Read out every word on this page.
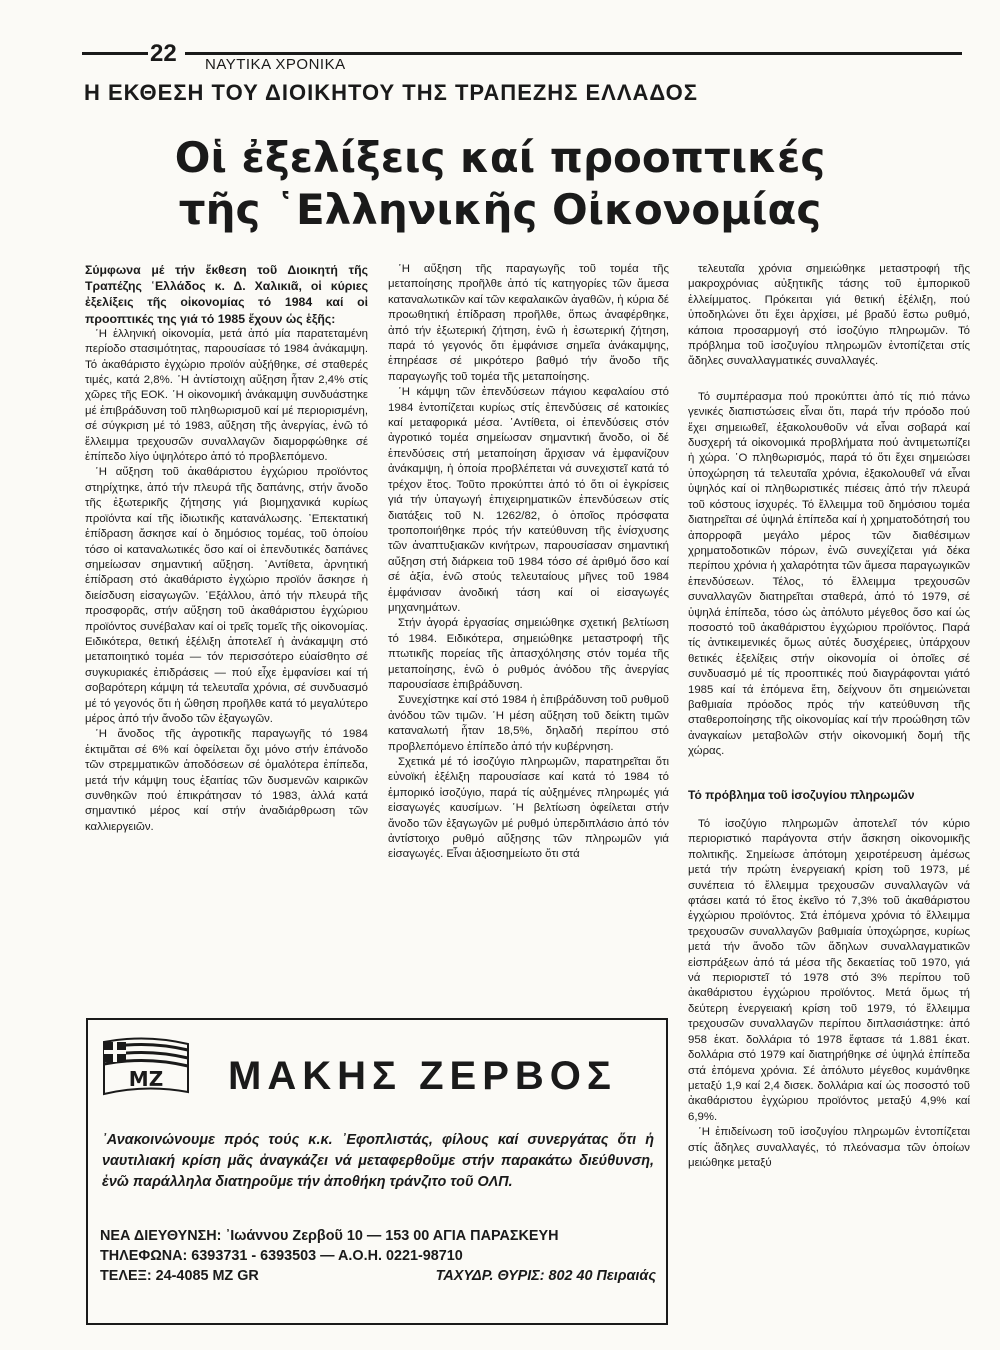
22	ΝΑΥΤΙΚΑ ΧΡΟΝΙΚΑ
Η ΕΚΘΕΣΗ ΤΟΥ ΔΙΟΙΚΗΤΟΥ ΤΗΣ ΤΡΑΠΕΖΗΣ ΕΛΛΑΔΟΣ
Οἱ ἐξελίξεις καί προοπτικές
τῆς ῾Ελληνικῆς Οἰκονομίας

Σύμφωνα μέ τήν ἔκθεση τοῦ Διοικητή τῆς Τραπέζης ῾Ελλάδος κ. Δ. Χαλικιᾶ, οἱ κύριες ἐξελίξεις τῆς οἰκονομίας τό 1984 καί οἱ προοπτικές της γιά τό 1985 ἔχουν ὡς ἑξῆς:

῾Η ἑλληνική οἰκονομία, μετά ἀπό μία παρατεταμένη περίοδο στασιμότητας, παρουσίασε τό 1984 ἀνάκαμψη. Τό ἀκαθάριστο ἐγχώριο προϊόν αὐξήθηκε, σέ σταθερές τιμές, κατά 2,8%. ῾Η ἀντίστοιχη αὔξηση ἦταν 2,4% στίς χῶρες τῆς ΕΟΚ. ῾Η οἰκονομική ἀνάκαμψη συνδυάστηκε μέ ἐπιβράδυνση τοῦ πληθωρισμοῦ καί μέ περιορισμένη, σέ σύγκριση μέ τό 1983, αὔξηση τῆς ἀνεργίας, ἐνῶ τό ἔλλειμμα τρεχουσῶν συναλλαγῶν διαμορφώθηκε σέ ἐπίπεδο λίγο ὑψηλότερο ἀπό τό προβλεπόμενο.

῾Η αὔξηση τοῦ ἀκαθάριστου ἐγχώριου προϊόντος στηρίχτηκε, ἀπό τήν πλευρά τῆς δαπάνης, στήν ἄνοδο τῆς ἐξωτερικῆς ζήτησης γιά βιομηχανικά κυρίως προϊόντα καί τῆς ἰδιωτικῆς κατανάλωσης. ᾿Επεκτατική ἐπίδραση ἄσκησε καί ὁ δημόσιος τομέας, τοῦ ὁποίου τόσο οἱ καταναλωτικές ὅσο καί οἱ ἐπενδυτικές δαπάνες σημείωσαν σημαντική αὔξηση. ᾿Αντίθετα, ἀρνητική ἐπίδραση στό ἀκαθάριστο ἐγχώριο προϊόν ἄσκησε ἡ διείσδυση εἰσαγωγῶν. ᾿Εξάλλου, ἀπό τήν πλευρά τῆς προσφορᾶς, στήν αὔξηση τοῦ ἀκαθάριστου ἐγχώριου προϊόντος συνέβαλαν καί οἱ τρεῖς τομεῖς τῆς οἰκονομίας. Ειδικότερα, θετική ἐξέλιξη ἀποτελεῖ ἡ ἀνάκαμψη στό μεταποιητικό τομέα — τόν περισσότερο εὐαίσθητο σέ συγκυριακές ἐπιδράσεις — πού εἶχε ἐμφανίσει καί τή σοβαρότερη κάμψη τά τελευταῖα χρόνια, σέ συνδυασμό μέ τό γεγονός ὅτι ἡ ὤθηση προῆλθε κατά τό μεγαλύτερο μέρος ἀπό τήν ἄνοδο τῶν ἐξαγωγῶν.

῾Η ἄνοδος τῆς ἀγροτικῆς παραγωγῆς τό 1984 ἐκτιμᾶται σέ 6% καί ὀφείλεται ὄχι μόνο στήν ἐπάνοδο τῶν στρεμματικῶν ἀποδόσεων σέ ὁμαλότερα ἐπίπεδα, μετά τήν κάμψη τους ἐξαιτίας τῶν δυσμενῶν καιρικῶν συνθηκῶν πού ἐπικράτησαν τό 1983, ἀλλά κατά σημαντικό μέρος καί στήν ἀναδιάρθρωση τῶν καλλιεργειῶν.

῾Η αὔξηση τῆς παραγωγῆς τοῦ τομέα τῆς μεταποίησης προῆλθε ἀπό τίς κατηγορίες τῶν ἄμεσα καταναλωτικῶν καί τῶν κεφαλαικῶν ἀγαθῶν, ἡ κύρια δέ προωθητική ἐπίδραση προῆλθε, ὅπως ἀναφέρθηκε, ἀπό τήν ἐξωτερική ζήτηση, ἐνῶ ἡ ἐσωτερική ζήτηση, παρά τό γεγονός ὅτι ἐμφάνισε σημεῖα ἀνάκαμψης, ἐπηρέασε σέ μικρότερο βαθμό τήν ἄνοδο τῆς παραγωγῆς τοῦ τομέα τῆς μεταποίησης.

῾Η κάμψη τῶν ἐπενδύσεων πάγιου κεφαλαίου στό 1984 ἐντοπίζεται κυρίως στίς ἐπενδύσεις σέ κατοικίες καί μεταφορικά μέσα. ᾿Αντίθετα, οἱ ἐπενδύσεις στόν ἀγροτικό τομέα σημείωσαν σημαντική ἄνοδο, οἱ δέ ἐπενδύσεις στή μεταποίηση ἄρχισαν νά ἐμφανίζουν ἀνάκαμψη, ἡ ὁποία προβλέπεται νά συνεχιστεῖ κατά τό τρέχον ἔτος. Τοῦτο προκύπτει ἀπό τό ὅτι οἱ ἐγκρίσεις γιά τήν ὑπαγωγή ἐπιχειρηματικῶν ἐπενδύσεων στίς διατάξεις τοῦ Ν. 1262/82, ὁ ὁποῖος πρόσφατα τροποποιήθηκε πρός τήν κατεύθυνση τῆς ἐνίσχυσης τῶν ἀναπτυξιακῶν κινήτρων, παρουσίασαν σημαντική αὔξηση στή διάρκεια τοῦ 1984 τόσο σέ ἀριθμό ὅσο καί σέ ἀξία, ἐνῶ στούς τελευταίους μῆνες τοῦ 1984 ἐμφάνισαν ἀνοδική τάση καί οἱ εἰσαγωγές μηχανημάτων.

Στήν ἀγορά ἐργασίας σημειώθηκε σχετική βελτίωση τό 1984. Ειδικότερα, σημειώθηκε μεταστροφή τῆς πτωτικῆς πορείας τῆς ἀπασχόλησης στόν τομέα τῆς μεταποίησης, ἐνῶ ὁ ρυθμός ἀνόδου τῆς ἀνεργίας παρουσίασε ἐπιβράδυνση.

Συνεχίστηκε καί στό 1984 ἡ ἐπιβράδυνση τοῦ ρυθμοῦ ἀνόδου τῶν τιμῶν. ῾Η μέση αὔξηση τοῦ δείκτη τιμῶν καταναλωτή ἦταν 18,5%, δηλαδή περίπου στό προβλεπόμενο ἐπίπεδο ἀπό τήν κυβέρνηση.

Σχετικά μέ τό ἰσοζύγιο πληρωμῶν, παρατηρεῖται ὅτι εὐνοϊκή ἐξέλιξη παρουσίασε καί κατά τό 1984 τό ἐμπορικό ἰσοζύγιο, παρά τίς αὐξημένες πληρωμές γιά εἰσαγωγές καυσίμων. ῾Η βελτίωση ὀφείλεται στήν ἄνοδο τῶν ἐξαγωγῶν μέ ρυθμό ὑπερδιπλάσιο ἀπό τόν ἀντίστοιχο ρυθμό αὔξησης τῶν πληρωμῶν γιά εἰσαγωγές. Εἶναι ἀξιοσημείωτο ὅτι στά

τελευταῖα χρόνια σημειώθηκε μεταστροφή τῆς μακροχρόνιας αὐξητικῆς τάσης τοῦ ἐμπορικοῦ ἐλλείμματος. Πρόκειται γιά θετική ἐξέλιξη, πού ὑποδηλώνει ὅτι ἔχει ἀρχίσει, μέ βραδύ ἔστω ρυθμό, κάποια προσαρμογή στό ἰσοζύγιο πληρωμῶν. Τό πρόβλημα τοῦ ἰσοζυγίου πληρωμῶν ἐντοπίζεται στίς ἄδηλες συναλλαγματικές συναλλαγές.

Τό συμπέρασμα πού προκύπτει ἀπό τίς πιό πάνω γενικές διαπιστώσεις εἶναι ὅτι, παρά τήν πρόοδο πού ἔχει σημειωθεῖ, ἐξακολουθοῦν νά εἶναι σοβαρά καί δυσχερή τά οἰκονομικά προβλήματα πού ἀντιμετωπίζει ἡ χώρα. ᾿Ο πληθωρισμός, παρά τό ὅτι ἔχει σημειώσει ὑποχώρηση τά τελευταῖα χρόνια, ἐξακολουθεῖ νά εἶναι ὑψηλός καί οἱ πληθωριστικές πιέσεις ἀπό τήν πλευρά τοῦ κόστους ἰσχυρές. Τό ἔλλειμμα τοῦ δημόσιου τομέα διατηρεῖται σέ ὑψηλά ἐπίπεδα καί ἡ χρηματοδότησή του ἀπορροφᾶ μεγάλο μέρος τῶν διαθέσιμων χρηματοδοτικῶν πόρων, ἐνῶ συνεχίζεται γιά δέκα περίπου χρόνια ἡ χαλαρότητα τῶν ἄμεσα παραγωγικῶν ἐπενδύσεων. Τέλος, τό ἔλλειμμα τρεχουσῶν συναλλαγῶν διατηρεῖται σταθερά, ἀπό τό 1979, σέ ὑψηλά ἐπίπεδα, τόσο ὡς ἀπόλυτο μέγεθος ὅσο καί ὡς ποσοστό τοῦ ἀκαθάριστου ἐγχώριου προϊόντος. Παρά τίς ἀντικειμενικές ὅμως αὐτές δυσχέρειες, ὑπάρχουν θετικές ἐξελίξεις στήν οἰκονομία οἱ ὁποῖες σέ συνδυασμό μέ τίς προοπτικές πού διαγράφονται γιάτό 1985 καί τά ἑπόμενα ἔτη, δείχνουν ὅτι σημειώνεται βαθμιαία πρόοδος πρός τήν κατεύθυνση τῆς σταθεροποίησης τῆς οἰκονομίας καί τήν προώθηση τῶν ἀναγκαίων μεταβολῶν στήν οἰκονομική δομή τῆς χώρας.

Τό πρόβλημα τοῦ ἰσοζυγίου πληρωμῶν

Τό ἰσοζύγιο πληρωμῶν ἀποτελεῖ τόν κύριο περιοριστικό παράγοντα στήν ἄσκηση οἰκονομικῆς πολιτικῆς. Σημείωσε ἀπότομη χειροτέρευση ἀμέσως μετά τήν πρώτη ἐνεργειακή κρίση τοῦ 1973, μέ συνέπεια τό ἔλλειμμα τρεχουσῶν συναλλαγῶν νά φτάσει κατά τό ἔτος ἐκεῖνο τό 7,3% τοῦ ἀκαθάριστου ἐγχώριου προϊόντος. Στά ἑπόμενα χρόνια τό ἔλλειμμα τρεχουσῶν συναλλαγῶν βαθμιαία ὑποχώρησε, κυρίως μετά τήν ἄνοδο τῶν ἄδηλων συναλλαγματικῶν εἰσπράξεων ἀπό τά μέσα τῆς δεκαετίας τοῦ 1970, γιά νά περιοριστεῖ τό 1978 στό 3% περίπου τοῦ ἀκαθάριστου ἐγχώριου προϊόντος. Μετά ὅμως τή δεύτερη ἐνεργειακή κρίση τοῦ 1979, τό ἔλλειμμα τρεχουσῶν συναλλαγῶν περίπου διπλασιάστηκε: ἀπό 958 ἑκατ. δολλάρια τό 1978 ἔφτασε τά 1.881 ἑκατ. δολλάρια στό 1979 καί διατηρήθηκε σέ ὑψηλά ἐπίπεδα στά ἑπόμενα χρόνια. Σέ ἀπόλυτο μέγεθος κυμάνθηκε μεταξύ 1,9 καί 2,4 δισεκ. δολλάρια καί ὡς ποσοστό τοῦ ἀκαθάριστου ἐγχώριου προϊόντος μεταξύ 4,9% καί 6,9%.

῾Η ἐπιδείνωση τοῦ ἰσοζυγίου πληρωμῶν ἐντοπίζεται στίς ἄδηλες συναλλαγές, τό πλεόνασμα τῶν ὁποίων μειώθηκε μεταξύ

ΜΖ ΜΑΚΗΣ ΖΕΡΒΟΣ
᾿Ανακοινώνουμε πρός τούς κ.κ. ᾿Εφοπλιστάς, φίλους καί συνεργάτας ὅτι ἡ ναυτιλιακή κρίση μᾶς ἀναγκάζει νά μεταφερθοῦμε στήν παρακάτω διεύθυνση, ἐνῶ παράλληλα διατηροῦμε τήν ἀποθήκη τράνζιτο τοῦ ΟΛΠ.
ΝΕΑ ΔΙΕΥΘΥΝΣΗ: ᾿Ιωάννου Ζερβοῦ 10 — 153 00 ΑΓΙΑ ΠΑΡΑΣΚΕΥΗ
ΤΗΛΕΦΩΝΑ: 6393731 - 6393503 — Α.Ο.Η. 0221-98710
ΤΕΛΕΞ: 24-4085 ΜΖ GR	ΤΑΧΥΔΡ. ΘΥΡΙΣ: 802 40 Πειραιάς
